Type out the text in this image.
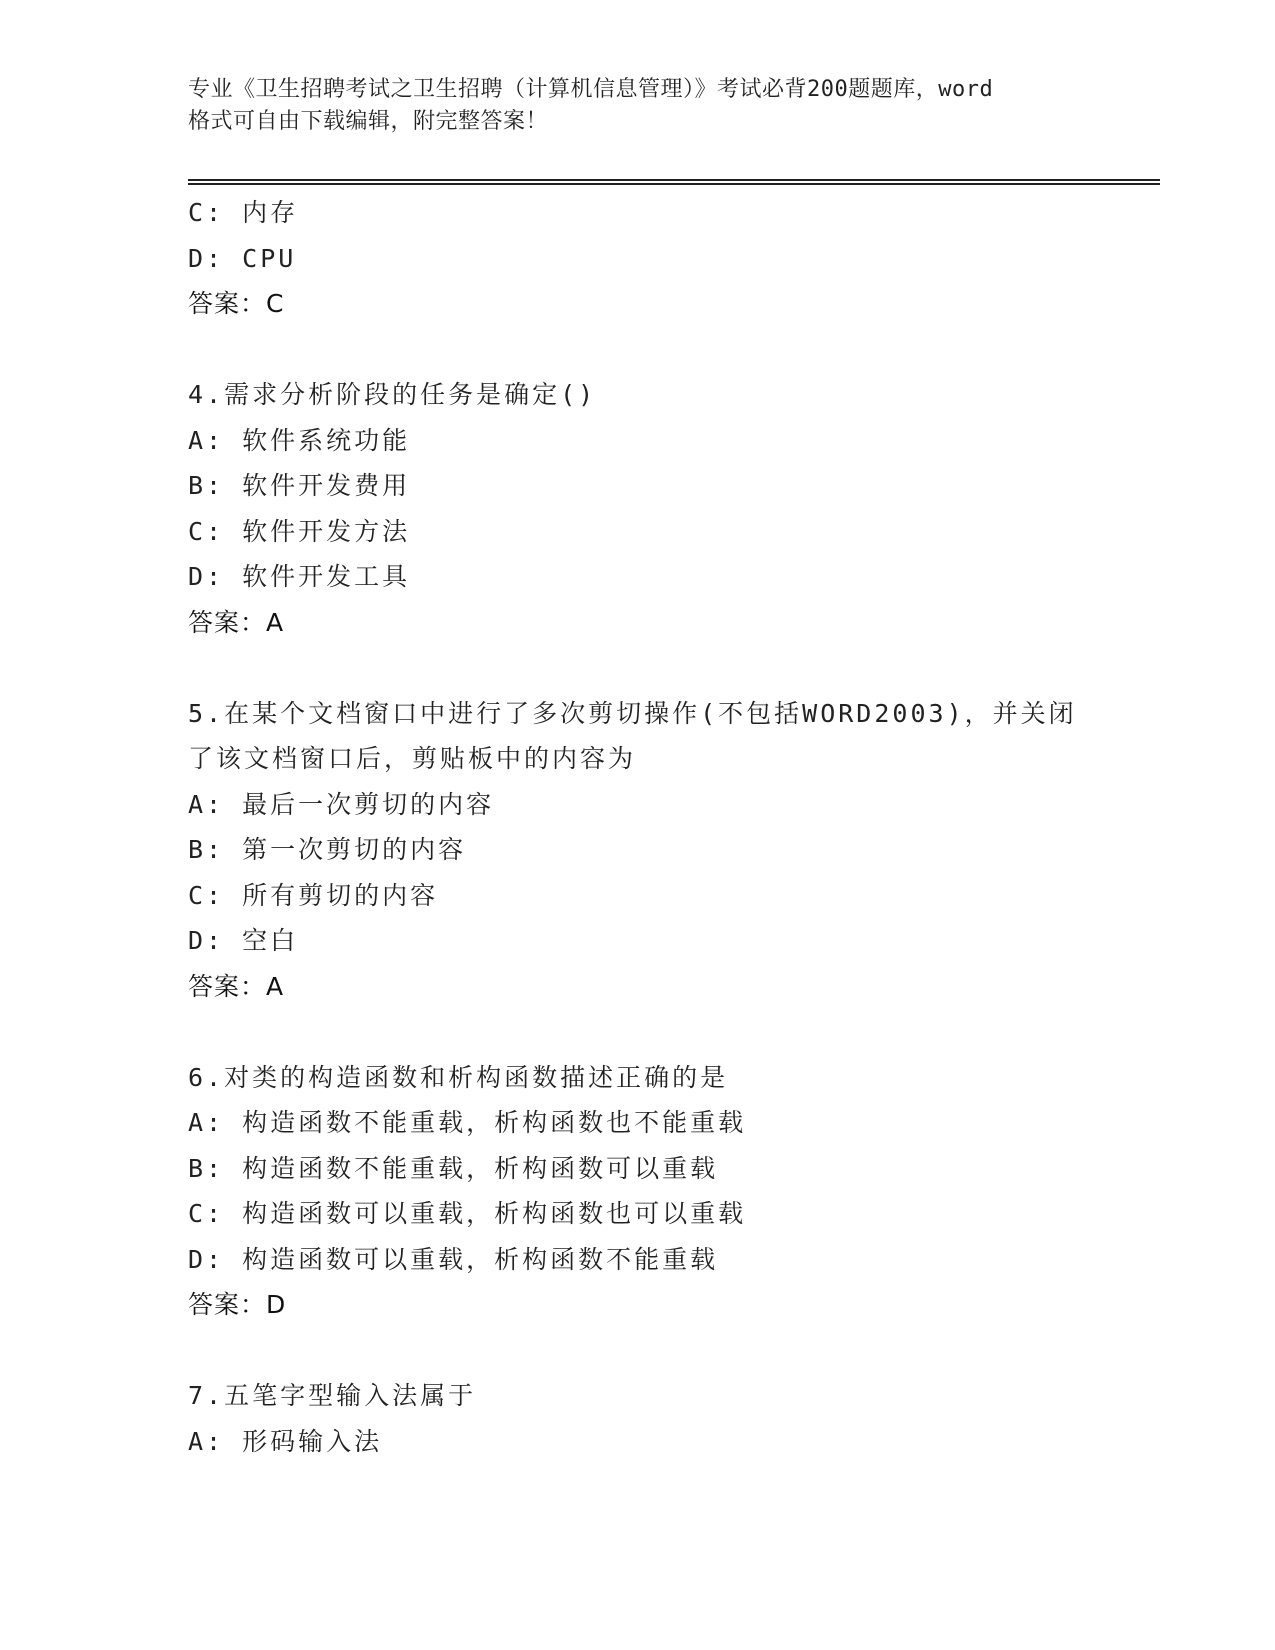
专业《卫生招聘考试之卫生招聘（计算机信息管理）》考试必背200题题库，word
格式可自由下载编辑，附完整答案！
C: 内存
D: CPU
答案：C
4.需求分析阶段的任务是确定()
A: 软件系统功能
B: 软件开发费用
C: 软件开发方法
D: 软件开发工具
答案：A
5.在某个文档窗口中进行了多次剪切操作(不包括WORD2003)，并关闭
了该文档窗口后，剪贴板中的内容为
A: 最后一次剪切的内容
B: 第一次剪切的内容
C: 所有剪切的内容
D: 空白
答案：A
6.对类的构造函数和析构函数描述正确的是
A: 构造函数不能重载，析构函数也不能重载
B: 构造函数不能重载，析构函数可以重载
C: 构造函数可以重载，析构函数也可以重载
D: 构造函数可以重载，析构函数不能重载
答案：D
7.五笔字型输入法属于
A: 形码输入法
